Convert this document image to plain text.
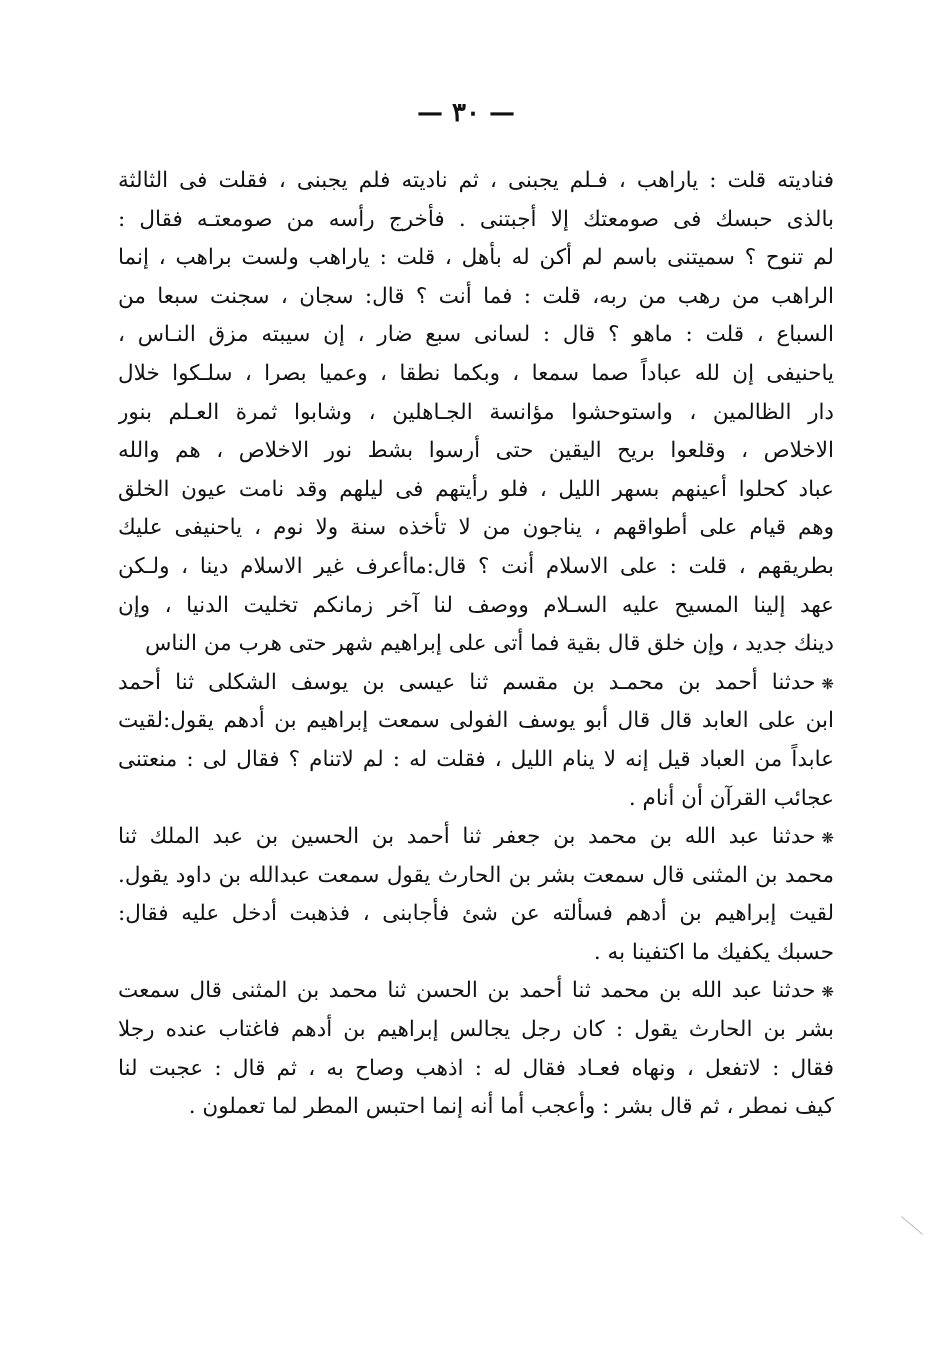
— ٣٠ —
فناديته قلت : ياراهب ، فـلم يجبنى ، ثم ناديته فلم يجبنى ، فقلت فى الثالثة
بالذى حبسك فى صومعتك إلا أجبتنى . فأخرج رأسه من صومعتـه فقال :
لم تنوح ؟ سميتنى باسم لم أكن له بأهل ، قلت : ياراهب ولست براهب ، إنما
الراهب من رهب من ربه، قلت : فما أنت ؟ قال: سجان ، سجنت سبعا من
السباع ، قلت : ماهو ؟ قال : لسانى سبع ضار ، إن سيبته مزق النـاس ،
ياحنيفى إن لله عباداً صما سمعا ، وبكما نطقا ، وعميا بصرا ، سلـكوا خلال
دار الظالمين ، واستوحشوا مؤانسة الجـاهلين ، وشابوا ثمرة العـلم بنور
الاخلاص ، وقلعوا بريح اليقين حتى أرسوا بشط نور الاخلاص ، هم والله
عباد كحلوا أعينهم بسهر الليل ، فلو رأيتهم فى ليلهم وقد نامت عيون الخلق
وهم قيام على أطواقهم ، يناجون من لا تأخذه سنة ولا نوم ، ياحنيفى عليك
بطريقهم ، قلت : على الاسلام أنت ؟ قال:ماأعرف غير الاسلام دينا ، ولـكن
عهد إلينا المسيح عليه السـلام ووصف لنا آخر زمانكم تخليت الدنيا ، وإن
دينك جديد ، وإن خلق قال بقية فما أتى على إبراهيم شهر حتى هرب من الناس
❋حدثنا أحمد بن محمـد بن مقسم ثنا عيسى بن يوسف الشكلى ثنا أحمد
ابن على العابد قال قال أبو يوسف الفولى سمعت إبراهيم بن أدهم يقول:لقيت
عابداً من العباد قيل إنه لا ينام الليل ، فقلت له : لم لاتنام ؟ فقال لى : منعتنى
عجائب القرآن أن أنام .
❋حدثنا عبد الله بن محمد بن جعفر ثنا أحمد بن الحسين بن عبد الملك ثنا
محمد بن المثنى قال سمعت بشر بن الحارث يقول سمعت عبدالله بن داود يقول.
لقيت إبراهيم بن أدهم فسألته عن شئ فأجابنى ، فذهبت أدخل عليه فقال:
حسبك يكفيك ما اكتفينا به .
❋حدثنا عبد الله بن محمد ثنا أحمد بن الحسن ثنا محمد بن المثنى قال سمعت
بشر بن الحارث يقول : كان رجل يجالس إبراهيم بن أدهم فاغتاب عنده رجلا
فقال : لاتفعل ، ونهاه فعـاد فقال له : اذهب وصاح به ، ثم قال : عجبت لنا
كيف نمطر ، ثم قال بشر : وأعجب أما أنه إنما احتبس المطر لما تعملون .
